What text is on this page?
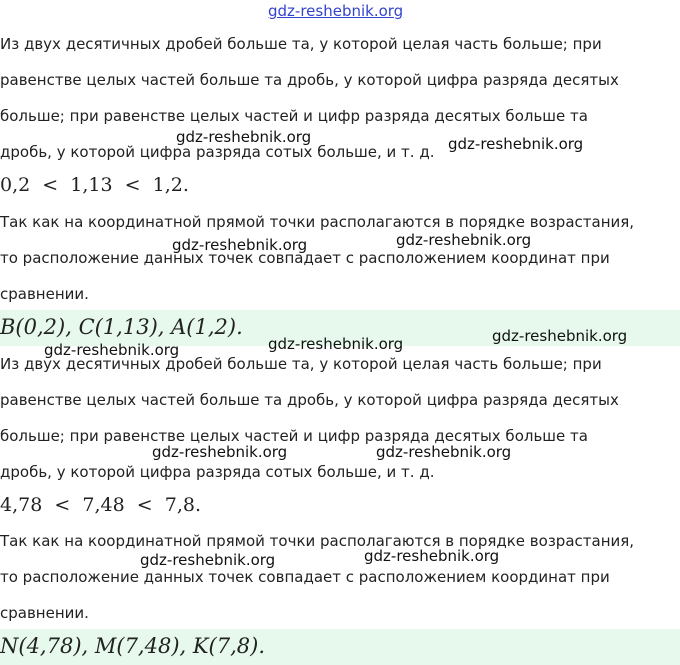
gdz-reshebnik.org
Из двух десятичных дробей больше та, у которой целая часть больше; при
равенстве целых частей больше та дробь, у которой цифра разряда десятых
больше; при равенстве целых частей и цифр разряда десятых больше та
дробь, у которой цифра разряда сотых больше, и т. д.
0,2  <  1,13  <  1,2.
Так как на координатной прямой точки располагаются в порядке возрастания,
то расположение данных точек совпадает с расположением координат при
сравнении.
B(0,2), C(1,13), A(1,2).
Из двух десятичных дробей больше та, у которой целая часть больше; при
равенстве целых частей больше та дробь, у которой цифра разряда десятых
больше; при равенстве целых частей и цифр разряда десятых больше та
дробь, у которой цифра разряда сотых больше, и т. д.
4,78  <  7,48  <  7,8.
Так как на координатной прямой точки располагаются в порядке возрастания,
то расположение данных точек совпадает с расположением координат при
сравнении.
N(4,78), M(7,48), K(7,8).
gdz-reshebnik.org	gdz-reshebnik.org
gdz-reshebnik.org	gdz-reshebnik.org
gdz-reshebnik.org
gdz-reshebnik.org
gdz-reshebnik.org
gdz-reshebnik.org	gdz-reshebnik.org
gdz-reshebnik.org
gdz-reshebnik.org
